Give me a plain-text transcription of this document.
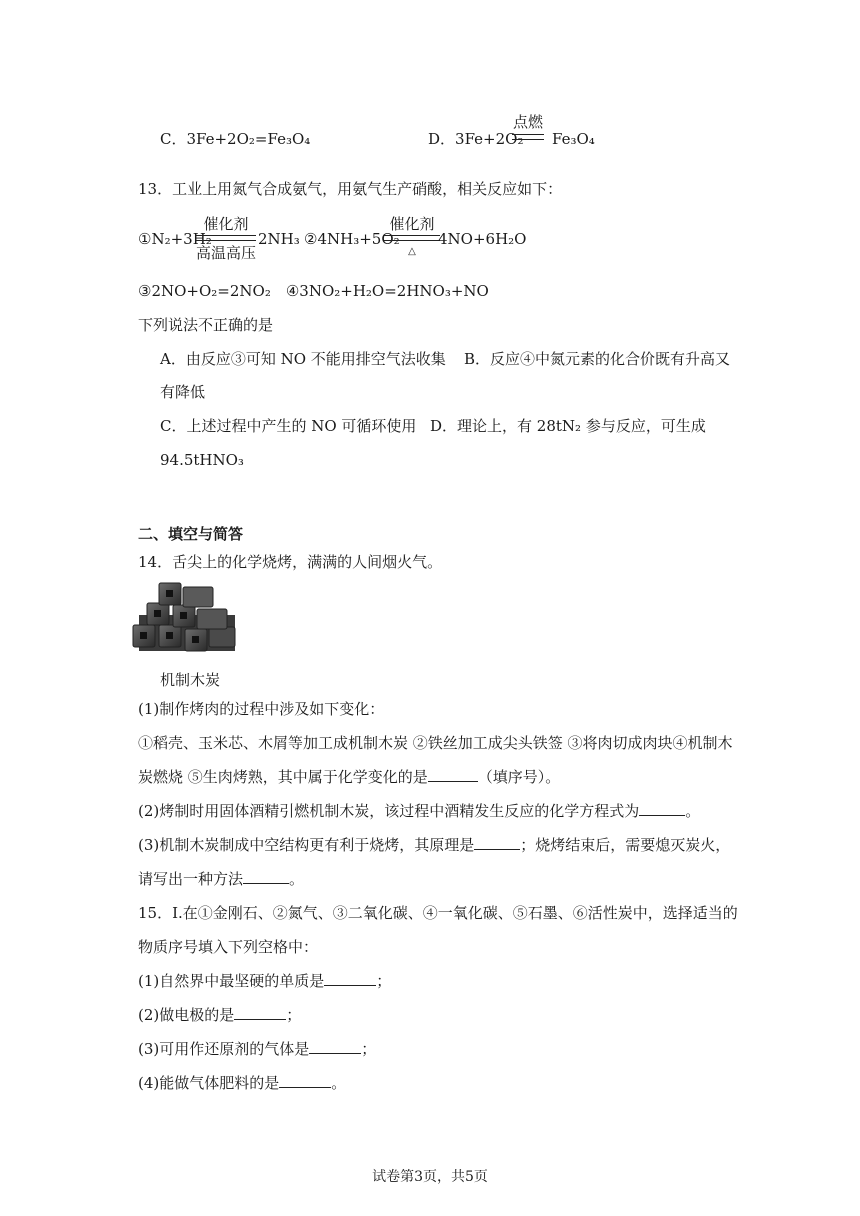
C．3Fe+2O₂=Fe₃O₄	D．3Fe+2O₂
点燃
Fe₃O₄
13．工业上用氮气合成氨气，用氨气生产硝酸，相关反应如下：
①N₂+3H₂
催化剂
高温高压
2NH₃ ②4NH₃+5O₂
催化剂
△
4NO+6H₂O
③2NO+O₂=2NO₂　④3NO₂+H₂O=2HNO₃+NO
下列说法不正确的是
A．由反应③可知 NO 不能用排空气法收集 B．反应④中氮元素的化合价既有升高又
有降低
C．上述过程中产生的 NO 可循环使用 D．理论上，有 28tN₂ 参与反应，可生成
94.5tHNO₃
二、填空与简答
14．舌尖上的化学烧烤，满满的人间烟火气。
机制木炭
(1)制作烤肉的过程中涉及如下变化：
①稻壳、玉米芯、木屑等加工成机制木炭 ②铁丝加工成尖头铁签 ③将肉切成肉块④机制木
炭燃烧 ⑤生肉烤熟，其中属于化学变化的是	（填序号）。
(2)烤制时用固体酒精引燃机制木炭，该过程中酒精发生反应的化学方程式为	。
(3)机制木炭制成中空结构更有利于烧烤，其原理是	；烧烤结束后，需要熄灭炭火，
请写出一种方法	。
15．I.在①金刚石、②氮气、③二氧化碳、④一氧化碳、⑤石墨、⑥活性炭中，选择适当的
物质序号填入下列空格中：
(1)自然界中最坚硬的单质是	；
(2)做电极的是	；
(3)可用作还原剂的气体是	；
(4)能做气体肥料的是	。
试卷第3页，共5页
